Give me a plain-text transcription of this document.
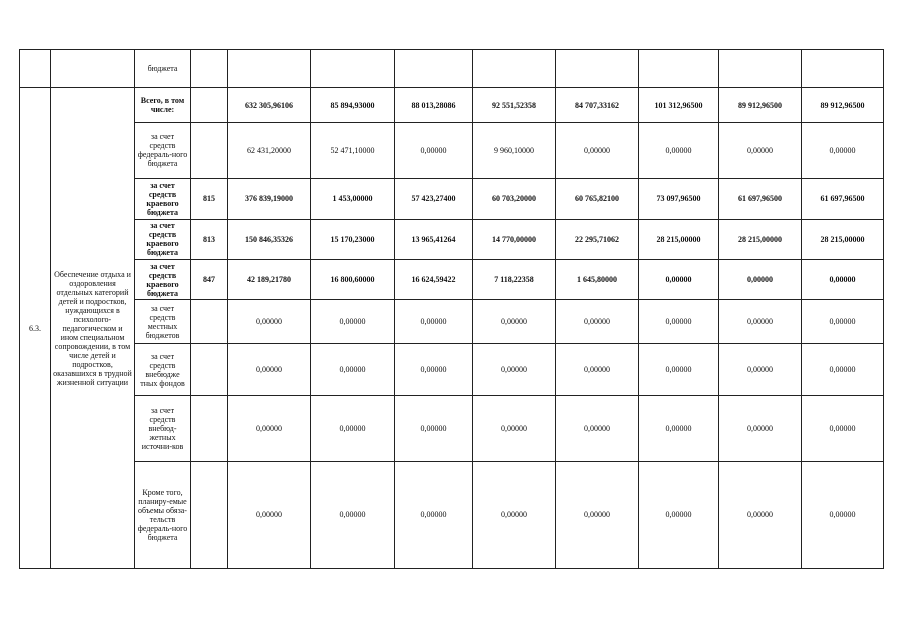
		бюджета									
6.3.	Обеспечение отдыха и оздоровления отдельных категорий детей и подростков, нуждающихся в психолого-педагогическом и ином специальном сопровождении, в том числе детей и подростков, оказавшихся в трудной жизненной ситуации	Всего, в том числе:		632 305,96106	85 894,93000	88 013,28086	92 551,52358	84 707,33162	101 312,96500	89 912,96500	89 912,96500
		за счет средств федераль-ного бюджета		62 431,20000	52 471,10000	0,00000	9 960,10000	0,00000	0,00000	0,00000	0,00000
		за счет средств краевого бюджета	815	376 839,19000	1 453,00000	57 423,27400	60 703,20000	60 765,82100	73 097,96500	61 697,96500	61 697,96500
		за счет средств краевого бюджета	813	150 846,35326	15 170,23000	13 965,41264	14 770,00000	22 295,71062	28 215,00000	28 215,00000	28 215,00000
		за счет средств краевого бюджета	847	42 189,21780	16 800,60000	16 624,59422	7 118,22358	1 645,80000	0,00000	0,00000	0,00000
		за счет средств местных бюджетов		0,00000	0,00000	0,00000	0,00000	0,00000	0,00000	0,00000	0,00000
		за счет средств внебюдже тных фондов		0,00000	0,00000	0,00000	0,00000	0,00000	0,00000	0,00000	0,00000
		за счет средств внебюд-жетных источни-ков		0,00000	0,00000	0,00000	0,00000	0,00000	0,00000	0,00000	0,00000
		Кроме того, планиру-емые объемы обяза-тельств федераль-ного бюджета		0,00000	0,00000	0,00000	0,00000	0,00000	0,00000	0,00000	0,00000
